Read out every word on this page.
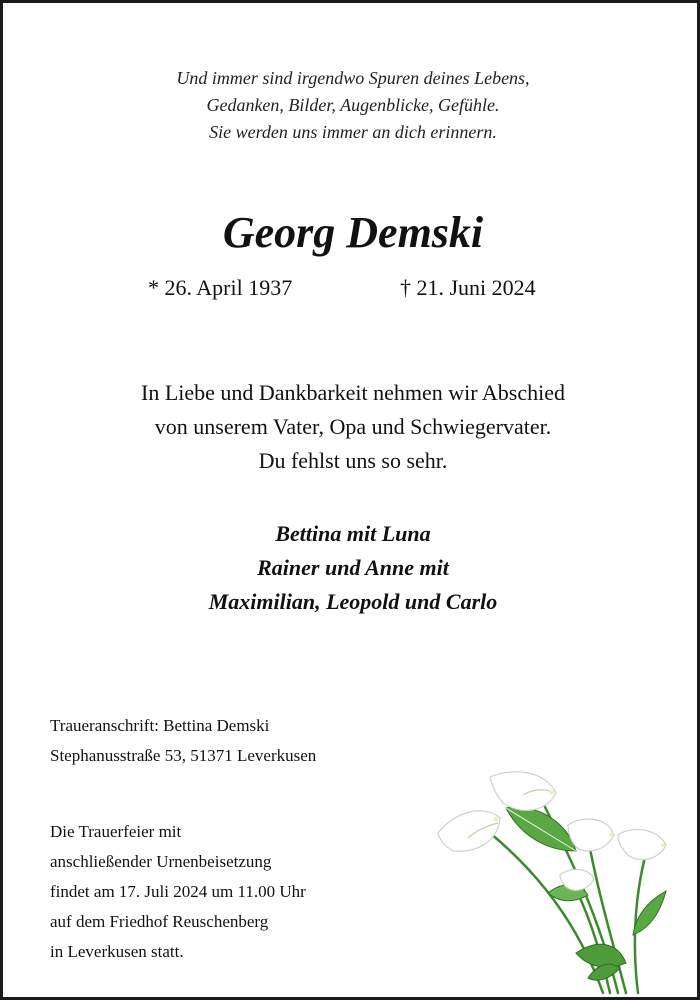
Und immer sind irgendwo Spuren deines Lebens,
Gedanken, Bilder, Augenblicke, Gefühle.
Sie werden uns immer an dich erinnern.
Georg Demski
* 26. April 1937	† 21. Juni 2024
In Liebe und Dankbarkeit nehmen wir Abschied
von unserem Vater, Opa und Schwiegervater.
Du fehlst uns so sehr.
Bettina mit Luna
Rainer und Anne mit
Maximilian, Leopold und Carlo
Traueranschrift: Bettina Demski
Stephanusstraße 53, 51371 Leverkusen
Die Trauerfeier mit
anschließender Urnenbeisetzung
findet am 17. Juli 2024 um 11.00 Uhr
auf dem Friedhof Reuschenberg
in Leverkusen statt.
